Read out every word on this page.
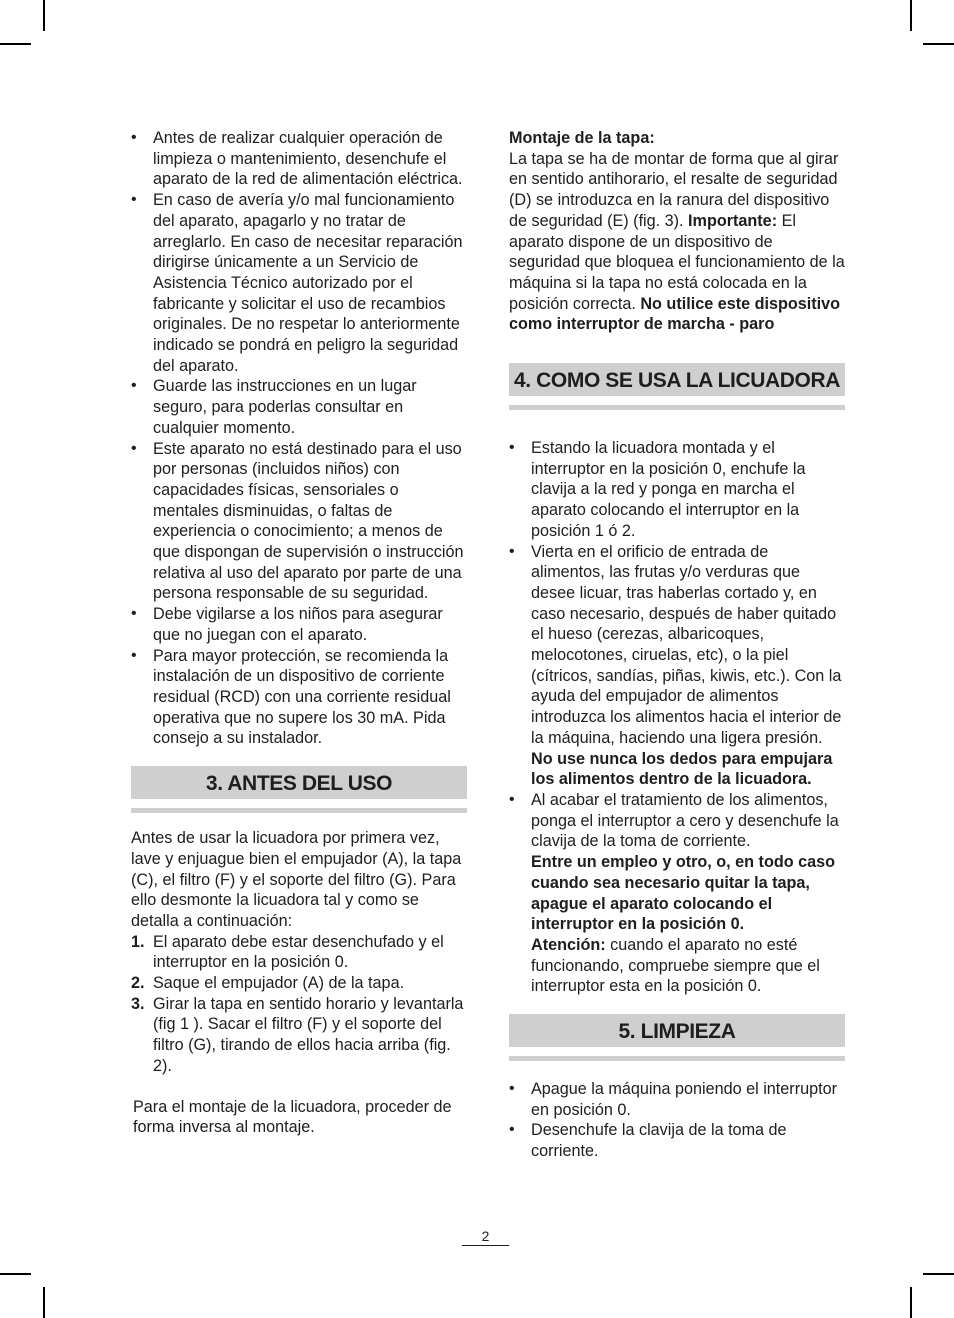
• Antes de realizar cualquier operación de limpieza o mantenimiento, desenchufe el aparato de la red de alimentación eléctrica.
• En caso de avería y/o mal funcionamiento del aparato, apagarlo y no tratar de arreglarlo. En caso de necesitar reparación dirigirse únicamente a un Servicio de Asistencia Técnico autorizado por el fabricante y solicitar el uso de recambios originales. De no respetar lo anteriormente indicado se pondrá en peligro la seguridad del aparato.
• Guarde las instrucciones en un lugar seguro, para poderlas consultar en cualquier momento.
• Este aparato no está destinado para el uso por personas (incluidos niños) con capacidades físicas, sensoriales o mentales disminuidas, o faltas de experiencia o conocimiento; a menos de que dispongan de supervisión o instrucción relativa al uso del aparato por parte de una persona responsable de su seguridad.
• Debe vigilarse a los niños para asegurar que no juegan con el aparato.
• Para mayor protección, se recomienda la instalación de un dispositivo de corriente residual (RCD) con una corriente residual operativa que no supere los 30 mA. Pida consejo a su instalador.
3. ANTES DEL USO

Antes de usar la licuadora por primera vez, lave y enjuague bien el empujador (A), la tapa (C), el filtro (F) y el soporte del filtro (G). Para ello desmonte la licuadora tal y como se detalla a continuación:

1. El aparato debe estar desenchufado y el interruptor en la posición 0.
2. Saque el empujador (A) de la tapa.
3. Girar la tapa en sentido horario y levantarla (fig 1 ). Sacar el filtro (F) y el soporte del filtro (G), tirando de ellos hacia arriba (fig. 2).

Para el montaje de la licuadora, proceder de forma inversa al montaje.

Montaje de la tapa:

La tapa se ha de montar de forma que al girar en sentido antihorario, el resalte de seguridad (D) se introduzca en la ranura del dispositivo de seguridad (E) (fig. 3). Importante: El aparato dispone de un dispositivo de seguridad que bloquea el funcionamiento de la máquina si la tapa no está colocada en la posición correcta. No utilice este dispositivo como interruptor de marcha - paro

4. COMO SE USA LA LICUADORA
• Estando la licuadora montada y el interruptor en la posición 0, enchufe la clavija a la red y ponga en marcha el aparato colocando el interruptor en la posición 1 ó 2.
• Vierta en el orificio de entrada de alimentos, las frutas y/o verduras que desee licuar, tras haberlas cortado y, en caso necesario, después de haber quitado el hueso (cerezas, albaricoques, melocotones, ciruelas, etc), o la piel (cítricos, sandías, piñas, kiwis, etc.). Con la ayuda del empujador de alimentos introduzca los alimentos hacia el interior de la máquina, haciendo una ligera presión.
No use nunca los dedos para empujara los alimentos dentro de la licuadora.
• Al acabar el tratamiento de los alimentos, ponga el interruptor a cero y desenchufe la clavija de la toma de corriente.
Entre un empleo y otro, o, en todo caso cuando sea necesario quitar la tapa, apague el aparato colocando el interruptor en la posición 0.
Atención: cuando el aparato no esté funcionando, compruebe siempre que el interruptor esta en la posición 0.
5. LIMPIEZA
• Apague la máquina poniendo el interruptor en posición 0.
• Desenchufe la clavija de la toma de corriente.
2
